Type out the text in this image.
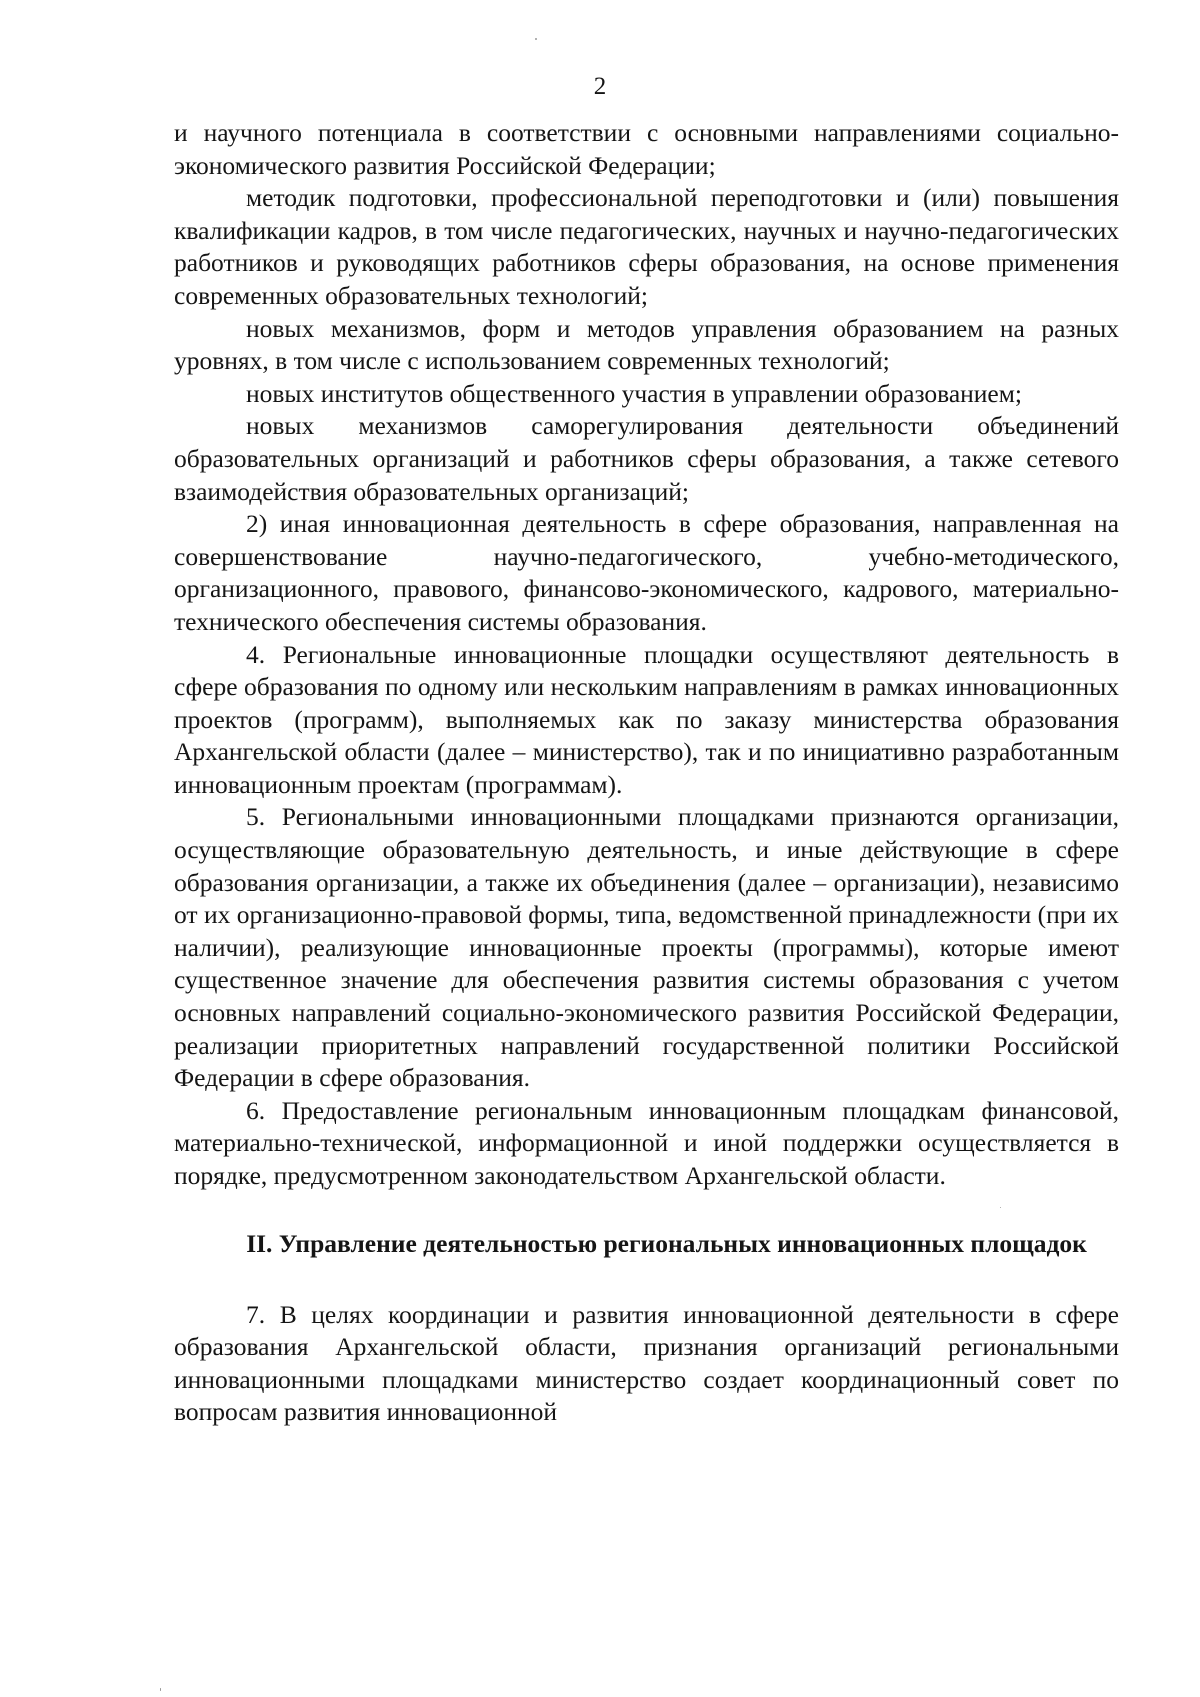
2

и научного потенциала в соответствии с основными направлениями социально-экономического развития Российской Федерации;

методик подготовки, профессиональной переподготовки и (или) повышения квалификации кадров, в том числе педагогических, научных и научно-педагогических работников и руководящих работников сферы образования, на основе применения современных образовательных технологий;

новых механизмов, форм и методов управления образованием на разных уровнях, в том числе с использованием современных технологий;

новых институтов общественного участия в управлении образованием;

новых механизмов саморегулирования деятельности объединений образовательных организаций и работников сферы образования, а также сетевого взаимодействия образовательных организаций;

2) иная инновационная деятельность в сфере образования, направленная на совершенствование научно-педагогического, учебно-методического, организационного, правового, финансово-экономического, кадрового, материально-технического обеспечения системы образования.

4. Региональные инновационные площадки осуществляют деятельность в сфере образования по одному или нескольким направлениям в рамках инновационных проектов (программ), выполняемых как по заказу министерства образования Архангельской области (далее – министерство), так и по инициативно разработанным инновационным проектам (программам).

5. Региональными инновационными площадками признаются организации, осуществляющие образовательную деятельность, и иные действующие в сфере образования организации, а также их объединения (далее – организации), независимо от их организационно-правовой формы, типа, ведомственной принадлежности (при их наличии), реализующие инновационные проекты (программы), которые имеют существенное значение для обеспечения развития системы образования с учетом основных направлений социально-экономического развития Российской Федерации, реализации приоритетных направлений государственной политики Российской Федерации в сфере образования.

6. Предоставление региональным инновационным площадкам финансовой, материально-технической, информационной и иной поддержки осуществляется в порядке, предусмотренном законодательством Архангельской области.

II. Управление деятельностью региональных инновационных площадок

7. В целях координации и развития инновационной деятельности в сфере образования Архангельской области, признания организаций региональными инновационными площадками министерство создает координационный совет по вопросам развития инновационной
